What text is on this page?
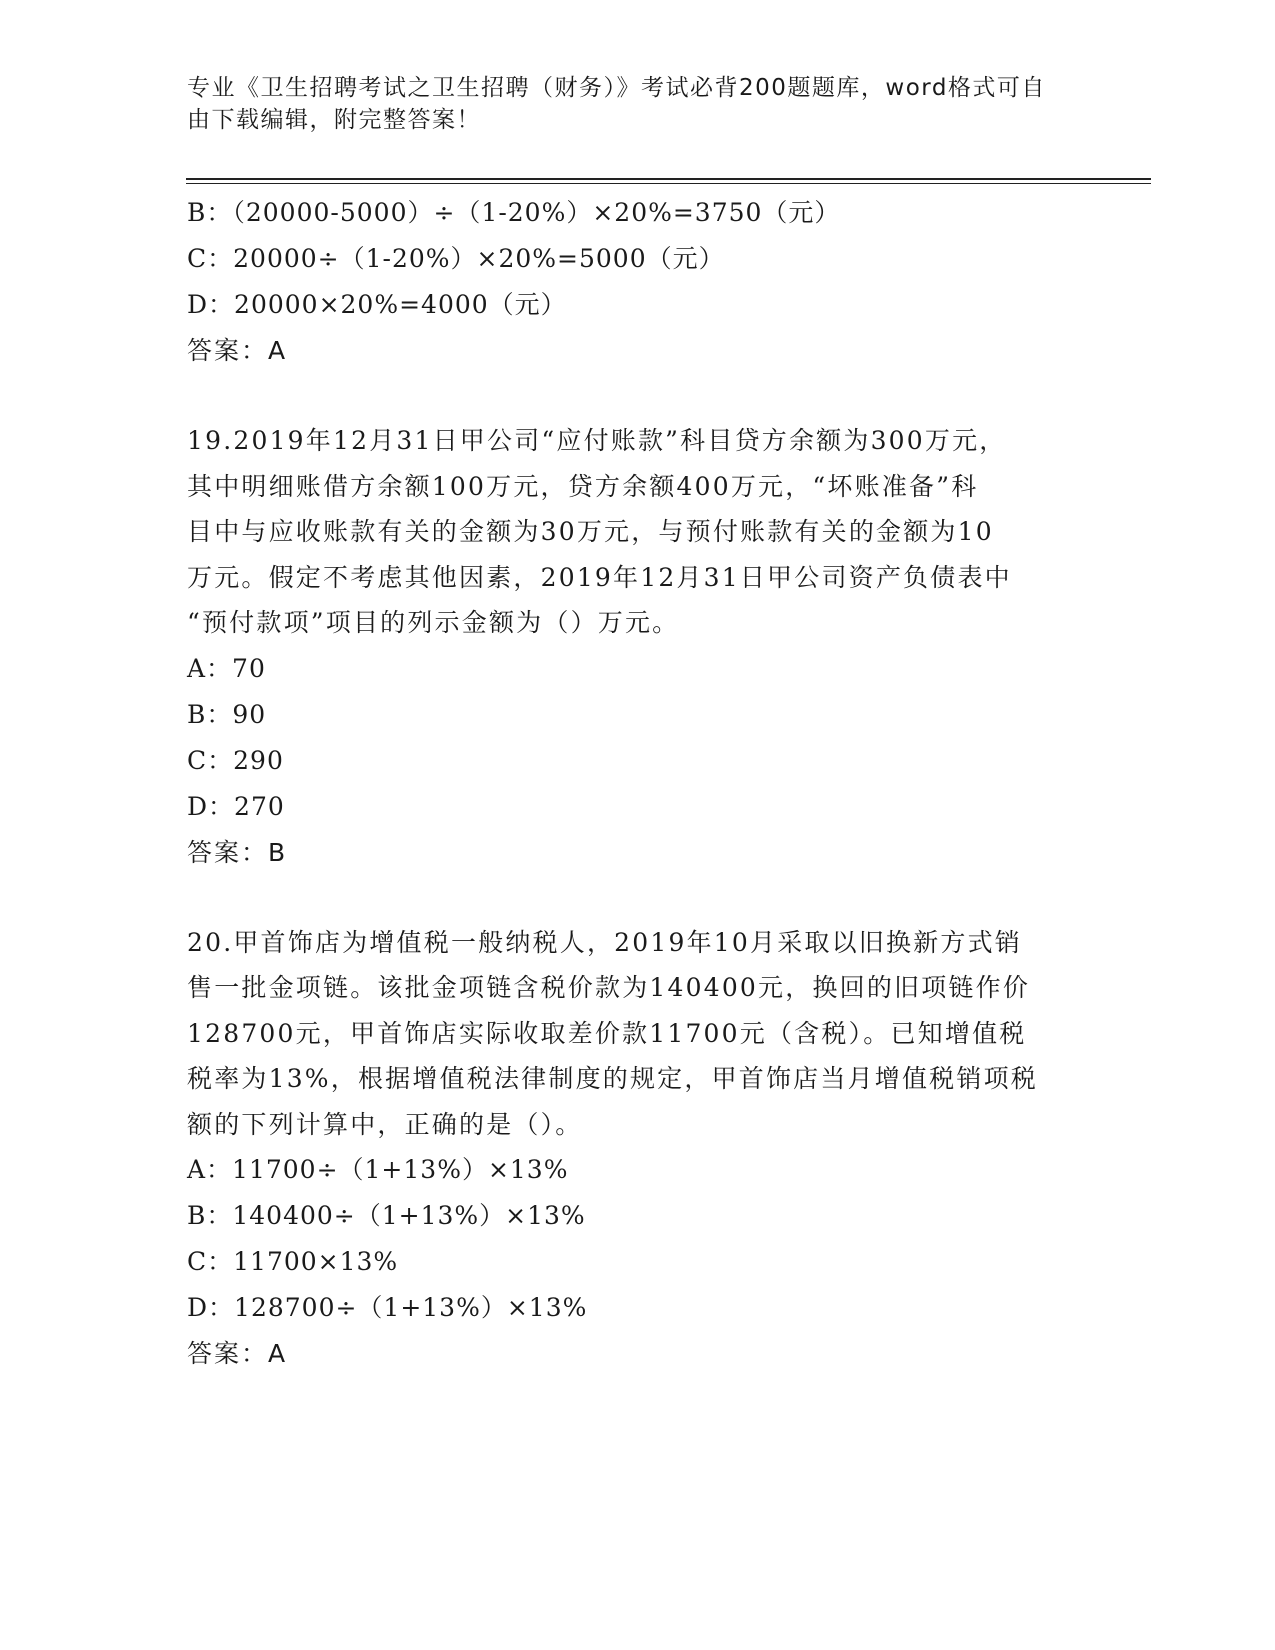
专业《卫生招聘考试之卫生招聘（财务）》考试必背200题题库，word格式可自
由下载编辑，附完整答案！
B：（20000-5000）÷（1-20%）×20%=3750（元）
C：20000÷（1-20%）×20%=5000（元）
D：20000×20%=4000（元）
答案：A
19.2019年12月31日甲公司“应付账款”科目贷方余额为300万元，
其中明细账借方余额100万元，贷方余额400万元，“坏账准备”科
目中与应收账款有关的金额为30万元，与预付账款有关的金额为10
万元。假定不考虑其他因素，2019年12月31日甲公司资产负债表中
“预付款项”项目的列示金额为（）万元。
A：70
B：90
C：290
D：270
答案：B
20.甲首饰店为增值税一般纳税人，2019年10月采取以旧换新方式销
售一批金项链。该批金项链含税价款为140400元，换回的旧项链作价
128700元，甲首饰店实际收取差价款11700元（含税）。已知增值税
税率为13%，根据增值税法律制度的规定，甲首饰店当月增值税销项税
额的下列计算中，正确的是（）。
A：11700÷（1+13%）×13%
B：140400÷（1+13%）×13%
C：11700×13%
D：128700÷（1+13%）×13%
答案：A
